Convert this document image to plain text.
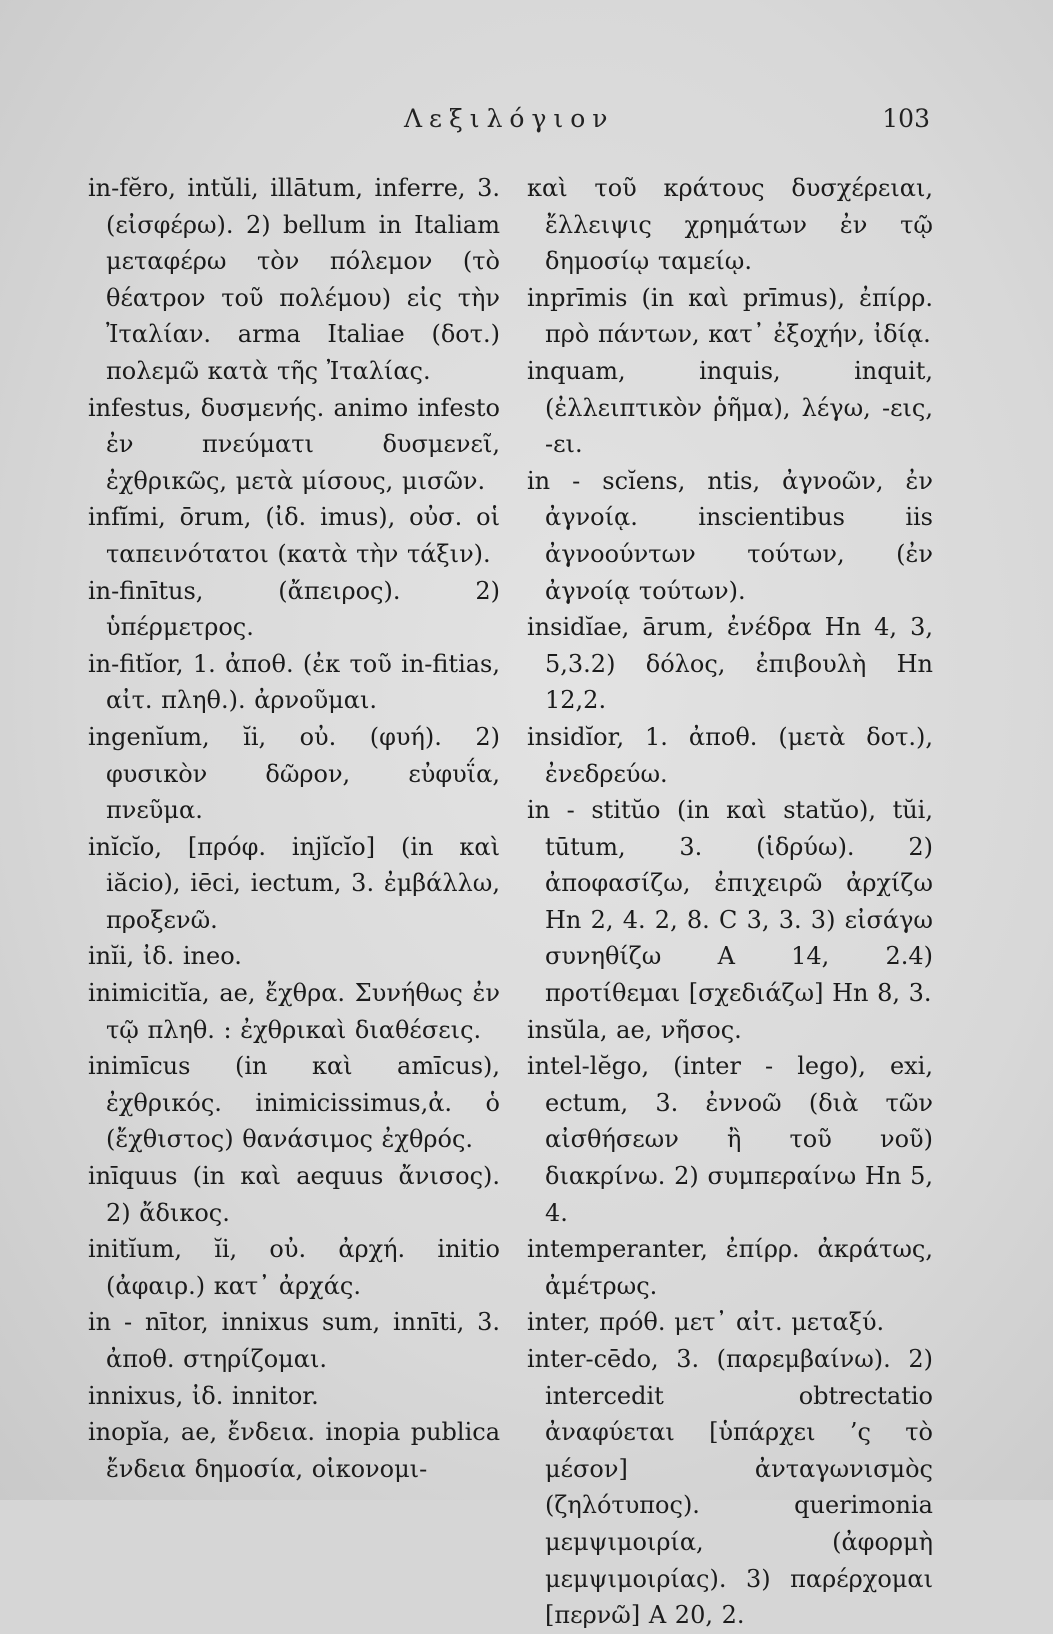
Λεξιλόγιον	103

in-fĕro, intŭli, illātum, inferre, 3. (εἰσφέρω). 2) bellum in Italiam μεταφέρω τὸν πόλεμον (τὸ θέατρον τοῦ πολέμου) εἰς τὴν Ἰταλίαν. arma Italiae (δοτ.) πολεμῶ κατὰ τῆς Ἰταλίας.

infestus, δυσμενής. animo infesto ἐν πνεύματι δυσμενεῖ, ἐχθρικῶς, μετὰ μίσους, μισῶν.

infĭmi, ōrum, (ἰδ. imus), οὐσ. οἱ ταπεινότατοι (κατὰ τὴν τάξιν).

in-finītus, (ἄπειρος). 2) ὑπέρμετρος.

in-fitĭor, 1. ἀποθ. (ἐκ τοῦ in-fitias, αἰτ. πληθ.). ἀρνοῦμαι.

ingenĭum, ĭi, οὐ. (φυή). 2) φυσικὸν δῶρον, εὐφυΐα, πνεῦμα.

inĭcĭo, [πρόφ. injĭcĭo] (in καὶ iăcio), iēci, iectum, 3. ἐμβάλλω, προξενῶ.

inĭi, ἰδ. ineo.

inimicitĭa, ae, ἔχθρα. Συνήθως ἐν τῷ πληθ. : ἐχθρικαὶ διαθέσεις.

inimīcus (in καὶ amīcus), ἐχθρικός. inimicissimus,ἀ. ὁ (ἔχθιστος) θανάσιμος ἐχθρός.

inīquus (in καὶ aequus ἄνισος). 2) ἄδικος.

initĭum, ĭi, οὐ. ἀρχή. initio (ἀφαιρ.) κατ᾽ ἀρχάς.

in - nītor, innixus sum, innīti, 3. ἀποθ. στηρίζομαι.

innixus, ἰδ. innitor.

inopĭa, ae, ἔνδεια. inopia publica ἔνδεια δημοσία, οἰκονομι-

καὶ τοῦ κράτους δυσχέρειαι, ἔλλειψις χρημάτων ἐν τῷ δημοσίῳ ταμείῳ.

inprīmis (in καὶ prīmus), ἐπίρρ. πρὸ πάντων, κατ᾽ ἐξοχήν, ἰδίᾳ.

inquam, inquis, inquit, (ἐλλειπτικὸν ῥῆμα), λέγω, -εις, -ει.

in - scĭens, ntis, ἀγνοῶν, ἐν ἀγνοίᾳ. inscientibus iis ἀγνοούντων τούτων, (ἐν ἀγνοίᾳ τούτων).

insidĭae, ārum, ἐνέδρα Hn 4, 3, 5,3.2) δόλος, ἐπιβουλὴ Hn 12,2.

insidĭor, 1. ἀποθ. (μετὰ δοτ.), ἐνεδρεύω.

in - stitŭo (in καὶ statŭo), tŭi, tūtum, 3. (ἱδρύω). 2) ἀποφασίζω, ἐπιχειρῶ ἀρχίζω Hn 2, 4. 2, 8. C 3, 3. 3) εἰσάγω συνηθίζω A 14, 2.4) προτίθεμαι [σχεδιάζω] Hn 8, 3.

insŭla, ae, νῆσος.

intel-lĕgo, (inter - lego), exi, ectum, 3. ἐννοῶ (διὰ τῶν αἰσθήσεων ἢ τοῦ νοῦ) διακρίνω. 2) συμπεραίνω Hn 5, 4.

intemperanter, ἐπίρρ. ἀκράτως, ἀμέτρως.

inter, πρόθ. μετ᾽ αἰτ. μεταξύ.

inter-cēdo, 3. (παρεμβαίνω). 2) intercedit obtrectatio ἀναφύεται [ὑπάρχει ’ς τὸ μέσον] ἀνταγωνισμὸς (ζηλότυπος). querimonia μεμψιμοιρία, (ἀφορμὴ μεμψιμοιρίας). 3) παρέρχομαι [περνῶ] A 20, 2.
